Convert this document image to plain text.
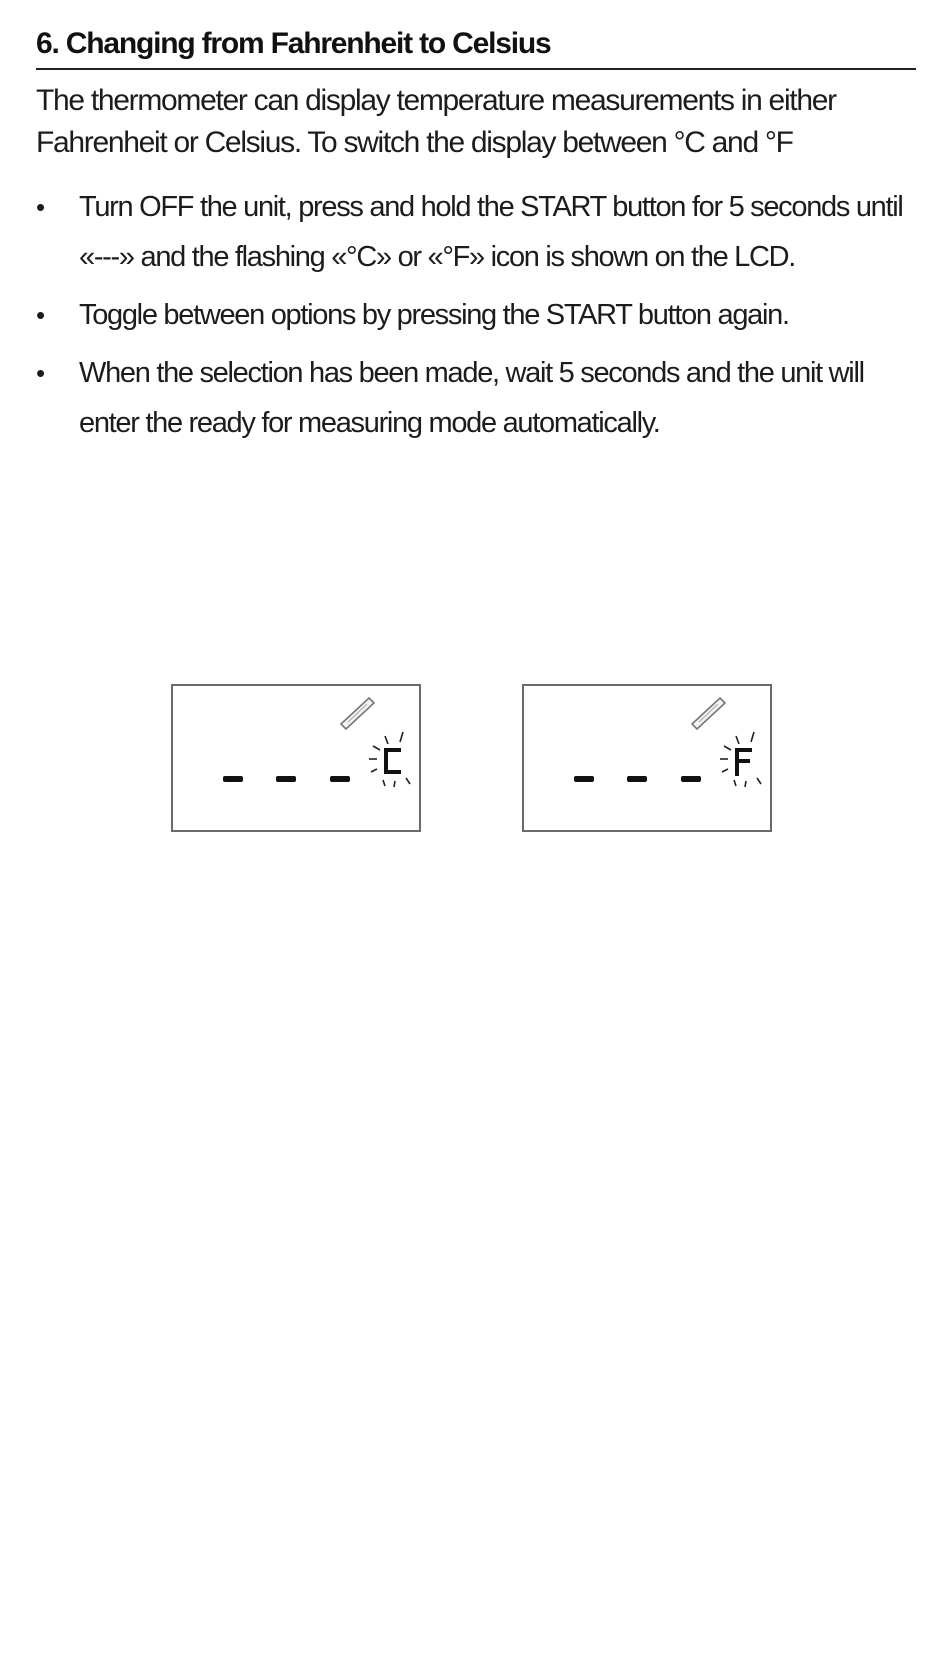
6. Changing from Fahrenheit to Celsius

The thermometer can display temperature measurements in either Fahrenheit or Celsius. To switch the display between °C and °F

• Turn OFF the unit, press and hold the START button for 5 seconds until «---» and the flashing «°C» or «°F» icon is shown on the LCD.
• Toggle between options by pressing the START button again.
• When the selection has been made, wait 5 seconds and the unit will enter the ready for measuring mode automatically.
